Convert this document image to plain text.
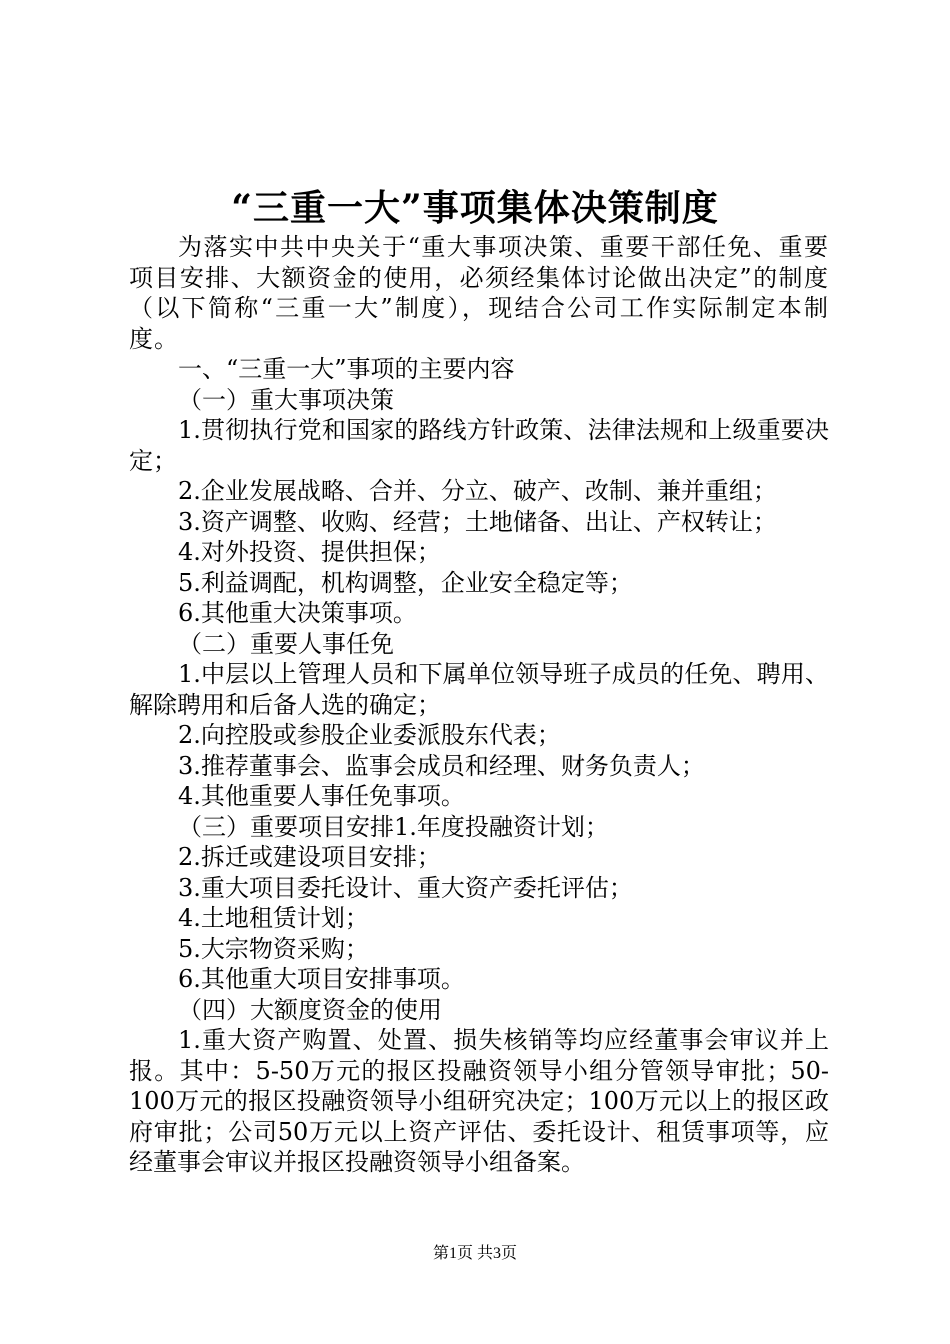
“三重一大”事项集体决策制度

为落实中共中央关于“重大事项决策、重要干部任免、重要项目安排、大额资金的使用，必须经集体讨论做出决定”的制度（以下简称“三重一大”制度），现结合公司工作实际制定本制度。

一、“三重一大”事项的主要内容

（一）重大事项决策

1.贯彻执行党和国家的路线方针政策、法律法规和上级重要决定；

2.企业发展战略、合并、分立、破产、改制、兼并重组；

3.资产调整、收购、经营；土地储备、出让、产权转让；

4.对外投资、提供担保；

5.利益调配，机构调整，企业安全稳定等；

6.其他重大决策事项。

（二）重要人事任免

1.中层以上管理人员和下属单位领导班子成员的任免、聘用、解除聘用和后备人选的确定；

2.向控股或参股企业委派股东代表；

3.推荐董事会、监事会成员和经理、财务负责人；

4.其他重要人事任免事项。

（三）重要项目安排1.年度投融资计划；

2.拆迁或建设项目安排；

3.重大项目委托设计、重大资产委托评估；

4.土地租赁计划；

5.大宗物资采购；

6.其他重大项目安排事项。

（四）大额度资金的使用

1.重大资产购置、处置、损失核销等均应经董事会审议并上报。其中：5-50万元的报区投融资领导小组分管领导审批；50-100万元的报区投融资领导小组研究决定；100万元以上的报区政府审批；公司50万元以上资产评估、委托设计、租赁事项等，应经董事会审议并报区投融资领导小组备案。

第1页 共3页
